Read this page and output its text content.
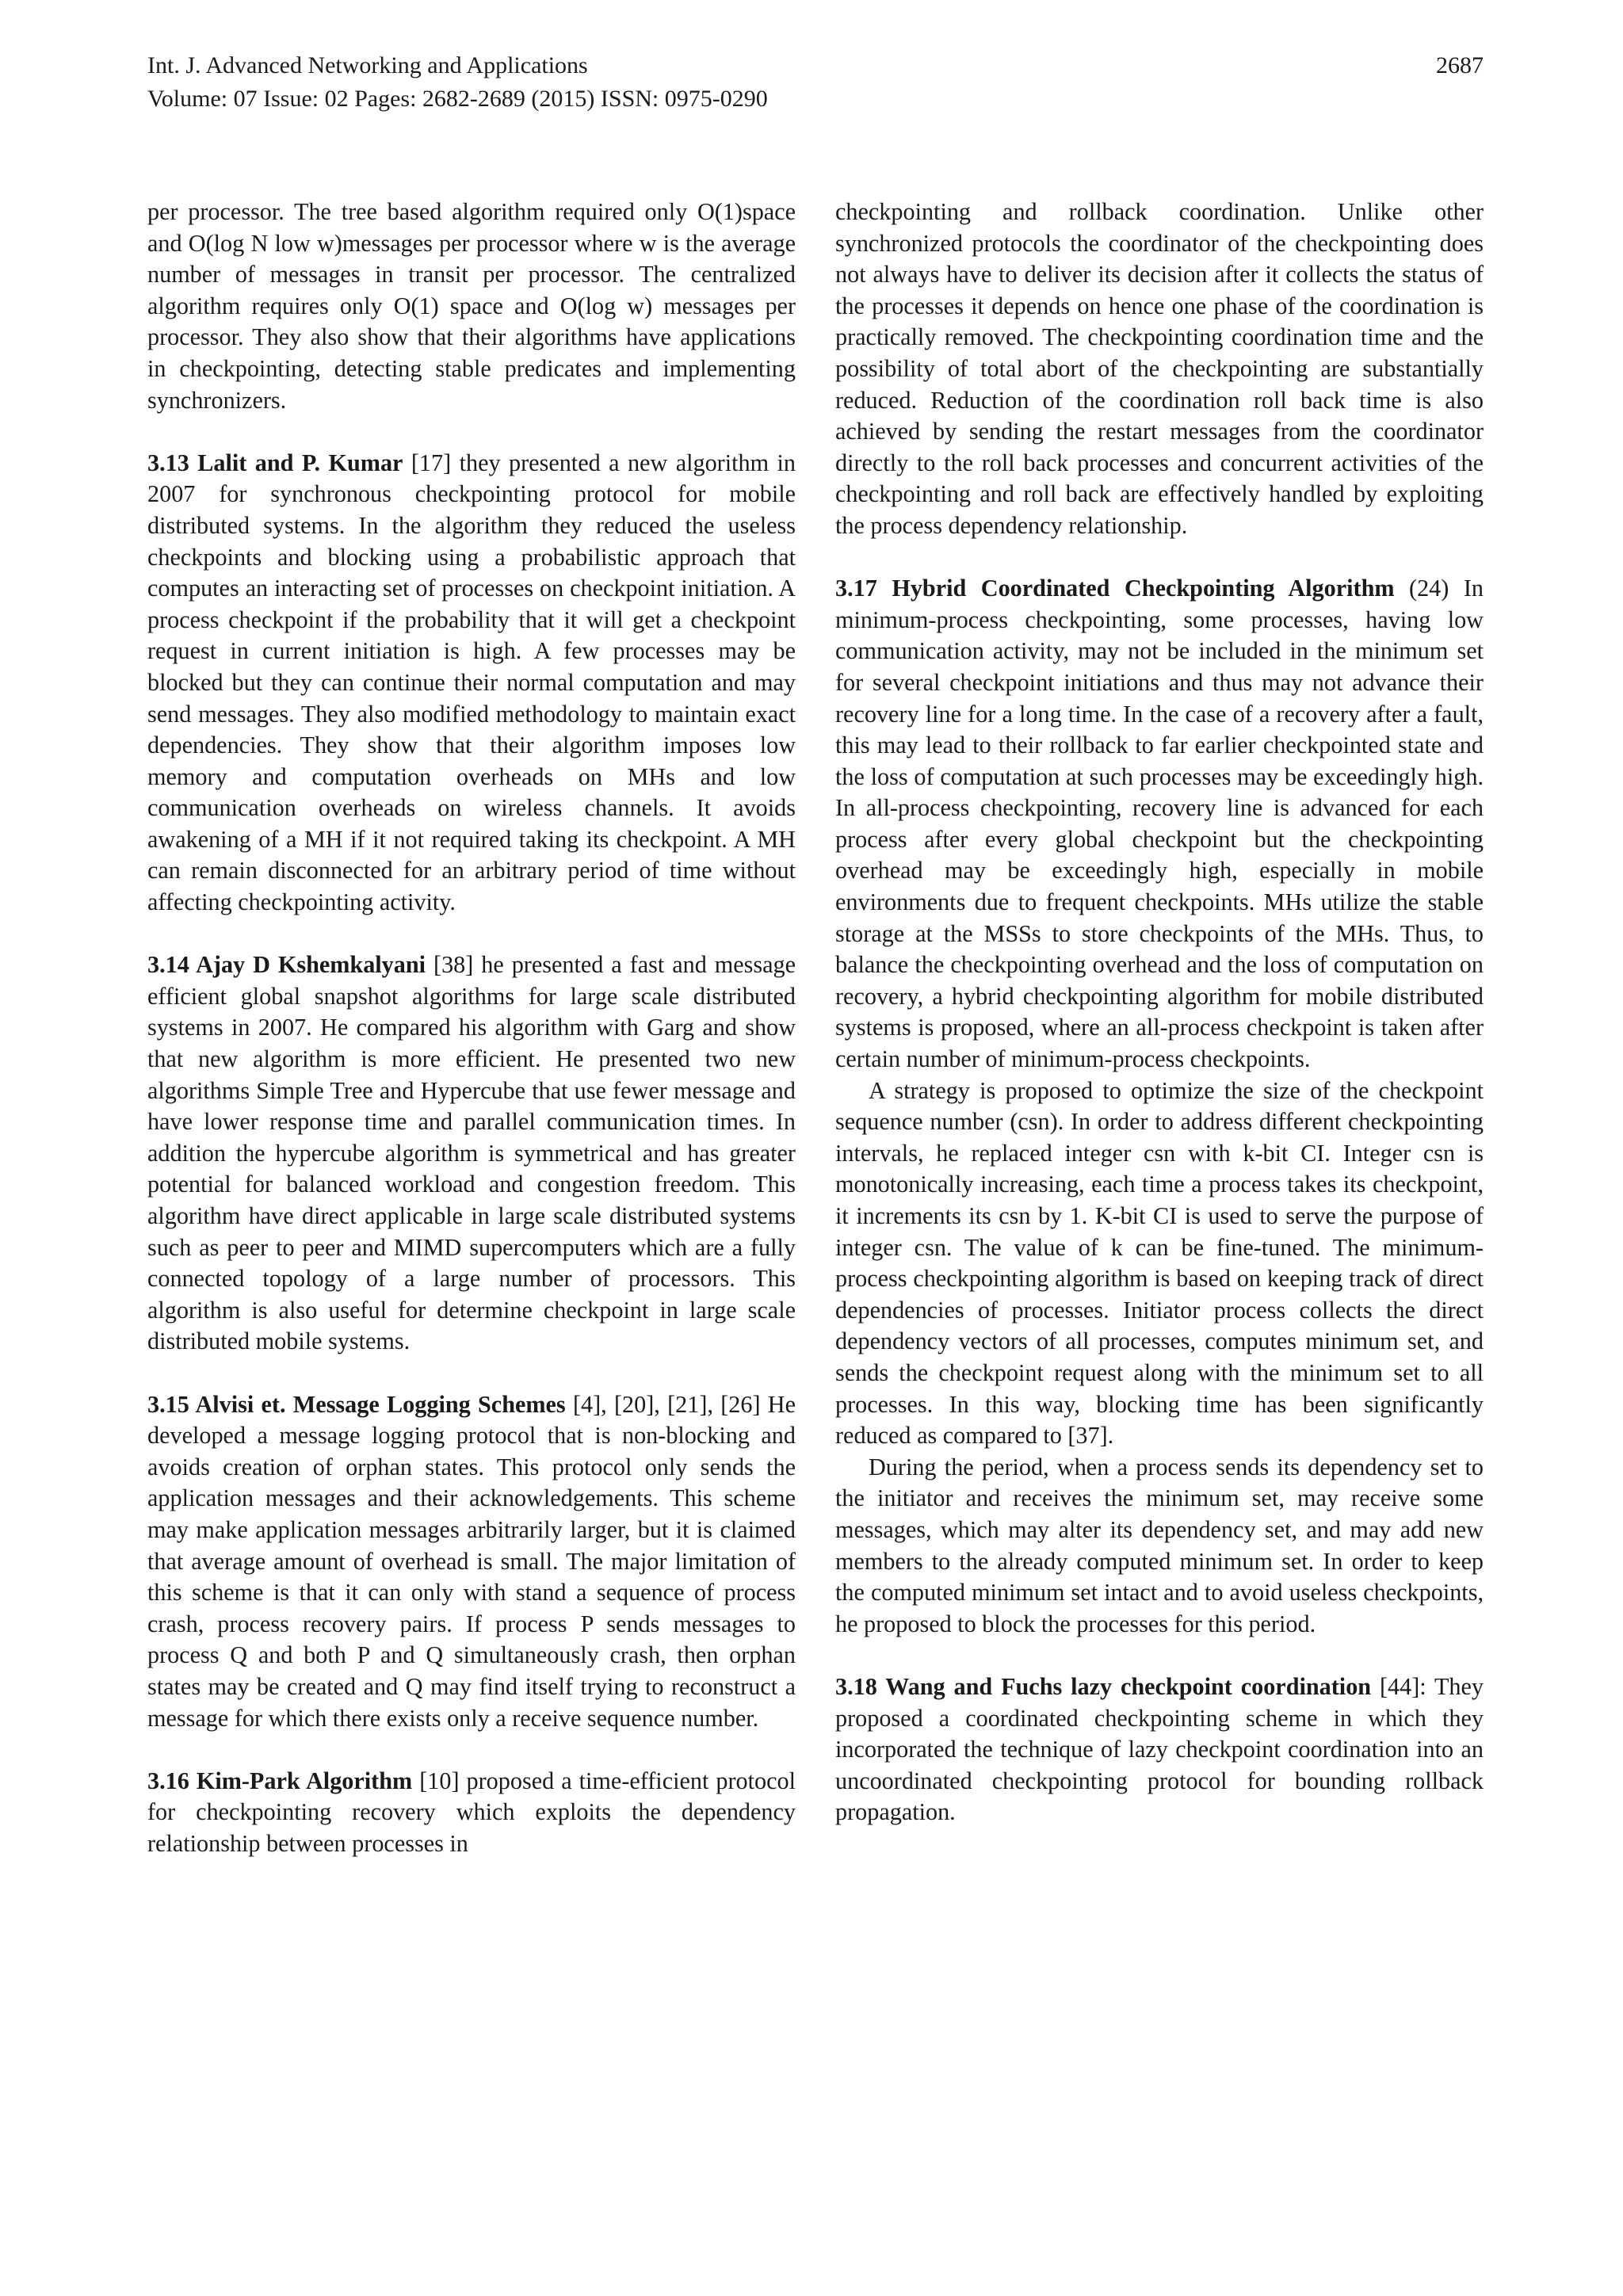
Int. J. Advanced Networking and Applications	2687
Volume: 07 Issue: 02 Pages: 2682-2689 (2015) ISSN: 0975-0290

per processor. The tree based algorithm required only O(1)space and O(log N low w)messages per processor where w is the average number of messages in transit per processor. The centralized algorithm requires only O(1) space and O(log w) messages per processor. They also show that their algorithms have applications in checkpointing, detecting stable predicates and implementing synchronizers.

3.13 Lalit and P. Kumar [17] they presented a new algorithm in 2007 for synchronous checkpointing protocol for mobile distributed systems. In the algorithm they reduced the useless checkpoints and blocking using a probabilistic approach that computes an interacting set of processes on checkpoint initiation. A process checkpoint if the probability that it will get a checkpoint request in current initiation is high. A few processes may be blocked but they can continue their normal computation and may send messages. They also modified methodology to maintain exact dependencies. They show that their algorithm imposes low memory and computation overheads on MHs and low communication overheads on wireless channels. It avoids awakening of a MH if it not required taking its checkpoint. A MH can remain disconnected for an arbitrary period of time without affecting checkpointing activity.

3.14 Ajay D Kshemkalyani [38] he presented a fast and message efficient global snapshot algorithms for large scale distributed systems in 2007. He compared his algorithm with Garg and show that new algorithm is more efficient. He presented two new algorithms Simple Tree and Hypercube that use fewer message and have lower response time and parallel communication times. In addition the hypercube algorithm is symmetrical and has greater potential for balanced workload and congestion freedom. This algorithm have direct applicable in large scale distributed systems such as peer to peer and MIMD supercomputers which are a fully connected topology of a large number of processors. This algorithm is also useful for determine checkpoint in large scale distributed mobile systems.

3.15 Alvisi et. Message Logging Schemes [4], [20], [21], [26] He developed a message logging protocol that is non-blocking and avoids creation of orphan states. This protocol only sends the application messages and their acknowledgements. This scheme may make application messages arbitrarily larger, but it is claimed that average amount of overhead is small. The major limitation of this scheme is that it can only with stand a sequence of process crash, process recovery pairs. If process P sends messages to process Q and both P and Q simultaneously crash, then orphan states may be created and Q may find itself trying to reconstruct a message for which there exists only a receive sequence number.

3.16 Kim-Park Algorithm [10] proposed a time-efficient protocol for checkpointing recovery which exploits the dependency relationship between processes in

checkpointing and rollback coordination. Unlike other synchronized protocols the coordinator of the checkpointing does not always have to deliver its decision after it collects the status of the processes it depends on hence one phase of the coordination is practically removed. The checkpointing coordination time and the possibility of total abort of the checkpointing are substantially reduced. Reduction of the coordination roll back time is also achieved by sending the restart messages from the coordinator directly to the roll back processes and concurrent activities of the checkpointing and roll back are effectively handled by exploiting the process dependency relationship.

3.17 Hybrid Coordinated Checkpointing Algorithm (24) In minimum-process checkpointing, some processes, having low communication activity, may not be included in the minimum set for several checkpoint initiations and thus may not advance their recovery line for a long time. In the case of a recovery after a fault, this may lead to their rollback to far earlier checkpointed state and the loss of computation at such processes may be exceedingly high. In all-process checkpointing, recovery line is advanced for each process after every global checkpoint but the checkpointing overhead may be exceedingly high, especially in mobile environments due to frequent checkpoints. MHs utilize the stable storage at the MSSs to store checkpoints of the MHs. Thus, to balance the checkpointing overhead and the loss of computation on recovery, a hybrid checkpointing algorithm for mobile distributed systems is proposed, where an all-process checkpoint is taken after certain number of minimum-process checkpoints.

A strategy is proposed to optimize the size of the checkpoint sequence number (csn). In order to address different checkpointing intervals, he replaced integer csn with k-bit CI. Integer csn is monotonically increasing, each time a process takes its checkpoint, it increments its csn by 1. K-bit CI is used to serve the purpose of integer csn. The value of k can be fine-tuned. The minimum-process checkpointing algorithm is based on keeping track of direct dependencies of processes. Initiator process collects the direct dependency vectors of all processes, computes minimum set, and sends the checkpoint request along with the minimum set to all processes. In this way, blocking time has been significantly reduced as compared to [37].

During the period, when a process sends its dependency set to the initiator and receives the minimum set, may receive some messages, which may alter its dependency set, and may add new members to the already computed minimum set. In order to keep the computed minimum set intact and to avoid useless checkpoints, he proposed to block the processes for this period.

3.18 Wang and Fuchs lazy checkpoint coordination [44]: They proposed a coordinated checkpointing scheme in which they incorporated the technique of lazy checkpoint coordination into an uncoordinated checkpointing protocol for bounding rollback propagation.
